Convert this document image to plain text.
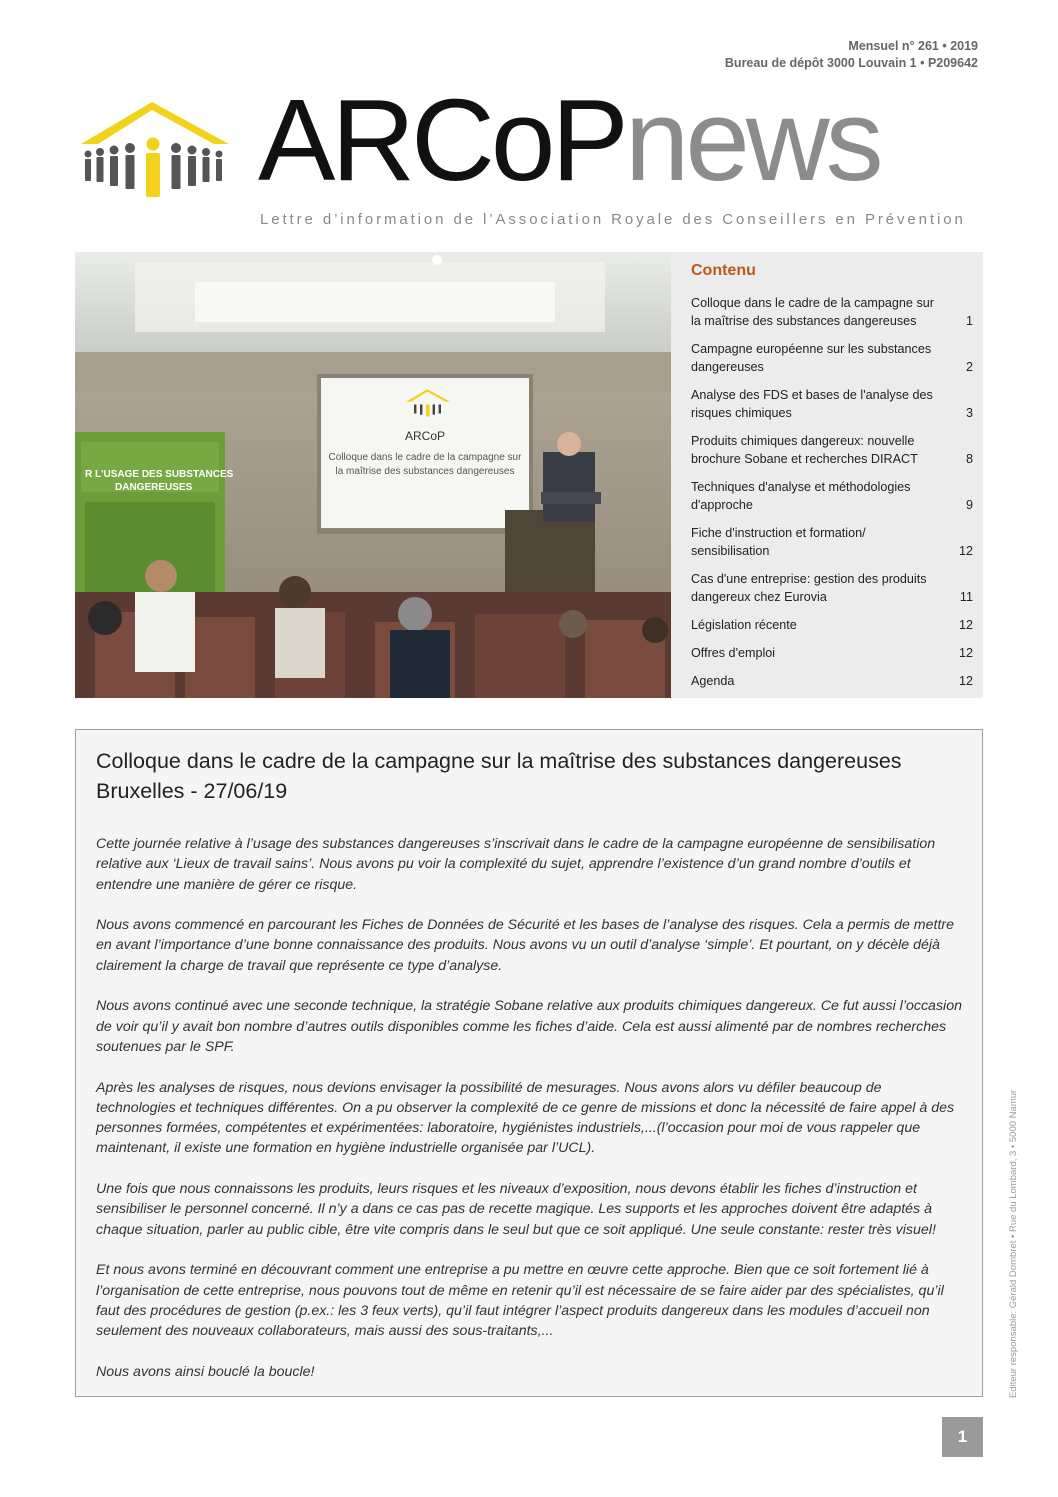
Mensuel n° 261 • 2019
Bureau de dépôt 3000 Louvain 1 • P209642
ARCoPnews
Lettre d’information de l’Association Royale des Conseillers en Prévention
ARCoP
Colloque dans le cadre de la campagne sur
la maîtrise des substances dangereuses
R L'USAGE DES SUBSTANCES
DANGEREUSES
Contenu
Colloque dans le cadre de la campagne sur la maîtrise des substances dangereuses	1
Campagne européenne sur les substances dangereuses	2
Analyse des FDS et bases de l'analyse des risques chimiques	3
Produits chimiques dangereux: nouvelle brochure Sobane et recherches DIRACT	8
Techniques d'analyse et méthodologies d'approche	9
Fiche d'instruction et formation/ sensibilisation	12
Cas d'une entreprise: gestion des produits dangereux chez Eurovia	11
Législation récente	12
Offres d'emploi	12
Agenda	12
Colloque dans le cadre de la campagne sur la maîtrise des substances dangereuses
Bruxelles - 27/06/19

Cette journée relative à l’usage des substances dangereuses s’inscrivait dans le cadre de la campagne européenne de sensibilisation relative aux ‘Lieux de travail sains’. Nous avons pu voir la complexité du sujet, apprendre l’existence d’un grand nombre d’outils et entendre une manière de gérer ce risque.

Nous avons commencé en parcourant les Fiches de Données de Sécurité et les bases de l’analyse des risques. Cela a permis de mettre en avant l’importance d’une bonne connaissance des produits. Nous avons vu un outil d’analyse ‘simple’. Et pourtant, on y décèle déjà clairement la charge de travail que représente ce type d’analyse.

Nous avons continué avec une seconde technique, la stratégie Sobane relative aux produits chimiques dangereux. Ce fut aussi l’occasion de voir qu’il y avait bon nombre d’autres outils disponibles comme les fiches d’aide. Cela est aussi alimenté par de nombres recherches soutenues par le SPF.

Après les analyses de risques, nous devions envisager la possibilité de mesurages. Nous avons alors vu défiler beaucoup de technologies et techniques différentes. On a pu observer la complexité de ce genre de missions et donc la nécessité de faire appel à des personnes formées, compétentes et expérimentées: laboratoire, hygiénistes industriels,...(l’occasion pour moi de vous rappeler que maintenant, il existe une formation en hygiène industrielle organisée par l’UCL).

Une fois que nous connaissons les produits, leurs risques et les niveaux d’exposition, nous devons établir les fiches d’instruction et sensibiliser le personnel concerné. Il n’y a dans ce cas pas de recette magique. Les supports et les approches doivent être adaptés à chaque situation, parler au public cible, être vite compris dans le seul but que ce soit appliqué. Une seule constante: rester très visuel!

Et nous avons terminé en découvrant comment une entreprise a pu mettre en œuvre cette approche. Bien que ce soit fortement lié à l’organisation de cette entreprise, nous pouvons tout de même en retenir qu’il est nécessaire de se faire aider par des spécialistes, qu’il faut des procédures de gestion (p.ex.: les 3 feux verts), qu’il faut intégrer l’aspect produits dangereux dans les modules d’accueil non seulement des nouveaux collaborateurs, mais aussi des sous-traitants,...

Nous avons ainsi bouclé la boucle!	Editeur responsable: Gérald Dombret • Rue du Lombard, 3 • 5000 Namur
1
